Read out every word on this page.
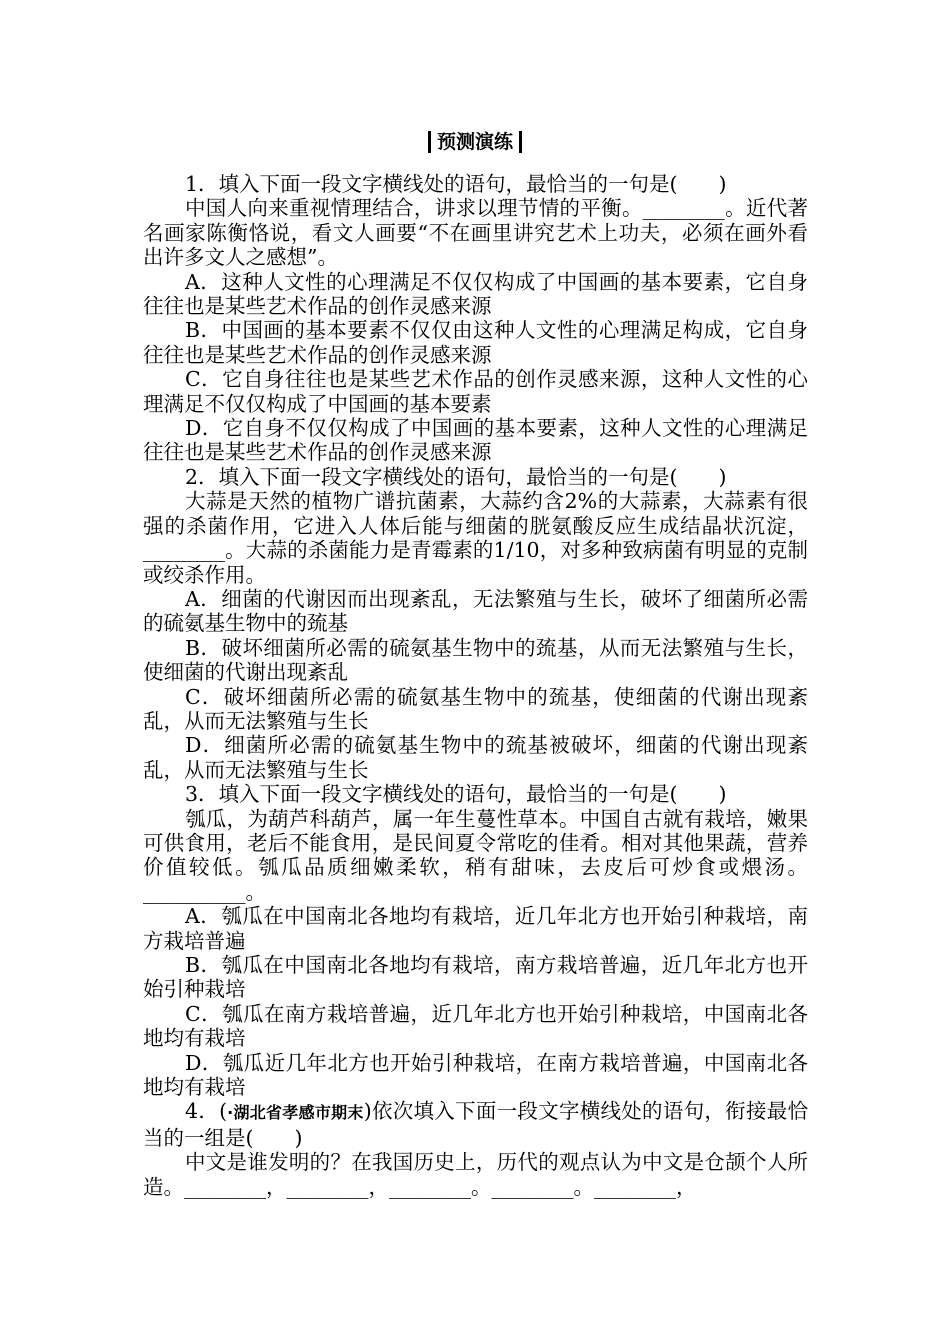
预测演练

1．填入下面一段文字横线处的语句，最恰当的一句是(　　)

中国人向来重视情理结合，讲求以理节情的平衡。________。近代著名画家陈衡恪说，看文人画要“不在画里讲究艺术上功夫，必须在画外看出许多文人之感想”。

A．这种人文性的心理满足不仅仅构成了中国画的基本要素，它自身往往也是某些艺术作品的创作灵感来源

B．中国画的基本要素不仅仅由这种人文性的心理满足构成，它自身往往也是某些艺术作品的创作灵感来源

C．它自身往往也是某些艺术作品的创作灵感来源，这种人文性的心理满足不仅仅构成了中国画的基本要素

D．它自身不仅仅构成了中国画的基本要素，这种人文性的心理满足往往也是某些艺术作品的创作灵感来源

2．填入下面一段文字横线处的语句，最恰当的一句是(　　)

大蒜是天然的植物广谱抗菌素，大蒜约含2%的大蒜素，大蒜素有很强的杀菌作用，它进入人体后能与细菌的胱氨酸反应生成结晶状沉淀，________。大蒜的杀菌能力是青霉素的1/10，对多种致病菌有明显的克制或绞杀作用。

A．细菌的代谢因而出现紊乱，无法繁殖与生长，破坏了细菌所必需的硫氨基生物中的巯基

B．破坏细菌所必需的硫氨基生物中的巯基，从而无法繁殖与生长，使细菌的代谢出现紊乱

C．破坏细菌所必需的硫氨基生物中的巯基，使细菌的代谢出现紊乱，从而无法繁殖与生长

D．细菌所必需的硫氨基生物中的巯基被破坏，细菌的代谢出现紊乱，从而无法繁殖与生长

3．填入下面一段文字横线处的语句，最恰当的一句是(　　)

瓠瓜，为葫芦科葫芦，属一年生蔓性草本。中国自古就有栽培，嫩果可供食用，老后不能食用，是民间夏令常吃的佳肴。相对其他果蔬，营养价值较低。瓠瓜品质细嫩柔软，稍有甜味，去皮后可炒食或煨汤。__________。

A．瓠瓜在中国南北各地均有栽培，近几年北方也开始引种栽培，南方栽培普遍

B．瓠瓜在中国南北各地均有栽培，南方栽培普遍，近几年北方也开始引种栽培

C．瓠瓜在南方栽培普遍，近几年北方也开始引种栽培，中国南北各地均有栽培

D．瓠瓜近几年北方也开始引种栽培，在南方栽培普遍，中国南北各地均有栽培

4．(·湖北省孝感市期末)依次填入下面一段文字横线处的语句，衔接最恰当的一组是(　　)

中文是谁发明的？在我国历史上，历代的观点认为中文是仓颉个人所造。________，________，________。________。________，
